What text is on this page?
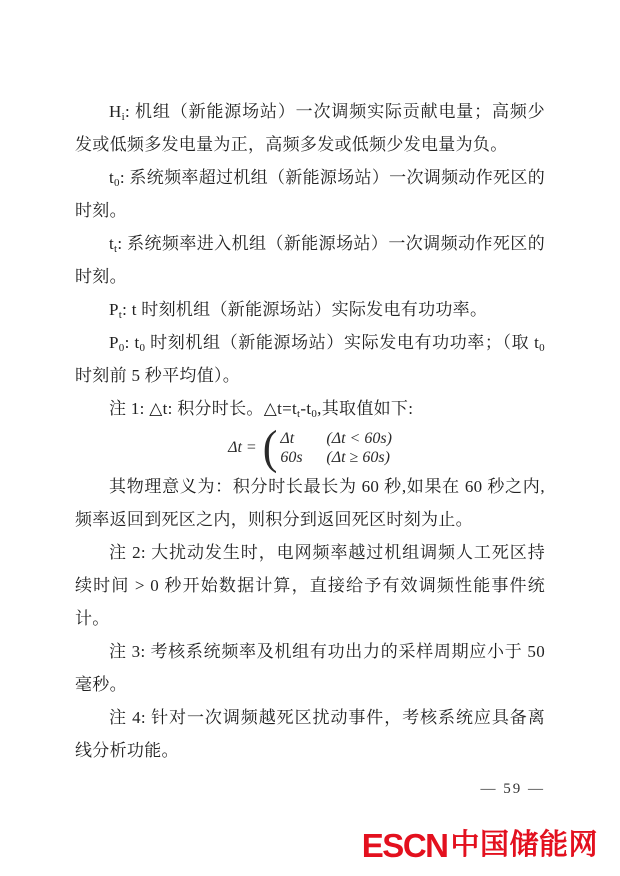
$H_i$: 机组（新能源场站）一次调频实际贡献电量；高频少发或低频多发电量为正，高频多发或低频少发电量为负。

$t_0$: 系统频率超过机组（新能源场站）一次调频动作死区的时刻。

$t_t$: 系统频率进入机组（新能源场站）一次调频动作死区的时刻。

$P_t$: t 时刻机组（新能源场站）实际发电有功功率。

$P_0$: $t_0$ 时刻机组（新能源场站）实际发电有功功率；（取 $t_0$ 时刻前 5 秒平均值）。

注 1: △t: 积分时长。$\triangle t=t_t-t_0$,其取值如下:

Δt = ( Δt	(Δt < 60s)
60s	(Δt ≥ 60s)

其物理意义为：积分时长最长为 60 秒,如果在 60 秒之内,频率返回到死区之内，则积分到返回死区时刻为止。

注 2: 大扰动发生时，电网频率越过机组调频人工死区持续时间 > 0 秒开始数据计算，直接给予有效调频性能事件统计。

注 3: 考核系统频率及机组有功出力的采样周期应小于 50 毫秒。

注 4: 针对一次调频越死区扰动事件，考核系统应具备离线分析功能。

— 59 —
ESCN 中国储能网
